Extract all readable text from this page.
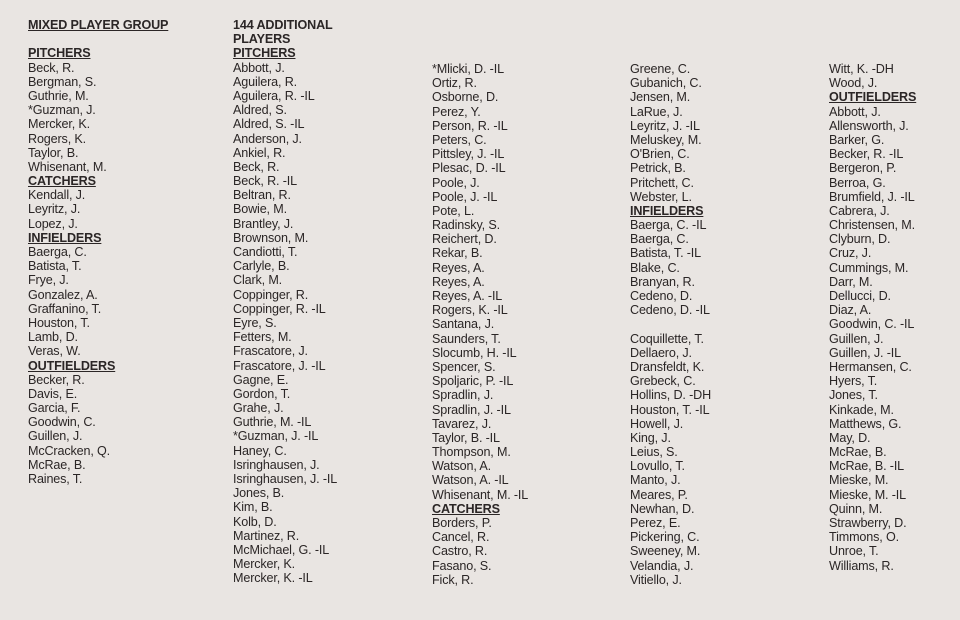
MIXED PLAYER GROUP
PITCHERS
Beck, R.
Bergman, S.
Guthrie, M.
*Guzman, J.
Mercker, K.
Rogers, K.
Taylor, B.
Whisenant, M.
CATCHERS
Kendall, J.
Leyritz, J.
Lopez, J.
INFIELDERS
Baerga, C.
Batista, T.
Frye, J.
Gonzalez, A.
Graffanino, T.
Houston, T.
Lamb, D.
Veras, W.
OUTFIELDERS
Becker, R.
Davis, E.
Garcia, F.
Goodwin, C.
Guillen, J.
McCracken, Q.
McRae, B.
Raines, T.
144 ADDITIONAL
PLAYERS
PITCHERS
Abbott, J.
Aguilera, R.
Aguilera, R. -IL
Aldred, S.
Aldred, S. -IL
Anderson, J.
Ankiel, R.
Beck, R.
Beck, R. -IL
Beltran, R.
Bowie, M.
Brantley, J.
Brownson, M.
Candiotti, T.
Carlyle, B.
Clark, M.
Coppinger, R.
Coppinger, R. -IL
Eyre, S.
Fetters, M.
Frascatore, J.
Frascatore, J. -IL
Gagne, E.
Gordon, T.
Grahe, J.
Guthrie, M. -IL
*Guzman, J. -IL
Haney, C.
Isringhausen, J.
Isringhausen, J. -IL
Jones, B.
Kim, B.
Kolb, D.
Martinez, R.
McMichael, G. -IL
Mercker, K.
Mercker, K. -IL
*Mlicki, D. -IL
Ortiz, R.
Osborne, D.
Perez, Y.
Person, R. -IL
Peters, C.
Pittsley, J. -IL
Plesac, D. -IL
Poole, J.
Poole, J. -IL
Pote, L.
Radinsky, S.
Reichert, D.
Rekar, B.
Reyes, A.
Reyes, A.
Reyes, A. -IL
Rogers, K. -IL
Santana, J.
Saunders, T.
Slocumb, H. -IL
Spencer, S.
Spoljaric, P. -IL
Spradlin, J.
Spradlin, J. -IL
Tavarez, J.
Taylor, B. -IL
Thompson, M.
Watson, A.
Watson, A. -IL
Whisenant, M. -IL
CATCHERS
Borders, P.
Cancel, R.
Castro, R.
Fasano, S.
Fick, R.
Greene, C.
Gubanich, C.
Jensen, M.
LaRue, J.
Leyritz, J. -IL
Meluskey, M.
O'Brien, C.
Petrick, B.
Pritchett, C.
Webster, L.
INFIELDERS
Baerga, C. -IL
Baerga, C.
Batista, T. -IL
Blake, C.
Branyan, R.
Cedeno, D.
Cedeno, D. -IL
Coquillette, T.
Dellaero, J.
Dransfeldt, K.
Grebeck, C.
Hollins, D. -DH
Houston, T. -IL
Howell, J.
King, J.
Leius, S.
Lovullo, T.
Manto, J.
Meares, P.
Newhan, D.
Perez, E.
Pickering, C.
Sweeney, M.
Velandia, J.
Vitiello, J.
Witt, K. -DH
Wood, J.
OUTFIELDERS
Abbott, J.
Allensworth, J.
Barker, G.
Becker, R. -IL
Bergeron, P.
Berroa, G.
Brumfield, J. -IL
Cabrera, J.
Christensen, M.
Clyburn, D.
Cruz, J.
Cummings, M.
Darr, M.
Dellucci, D.
Diaz, A.
Goodwin, C. -IL
Guillen, J.
Guillen, J. -IL
Hermansen, C.
Hyers, T.
Jones, T.
Kinkade, M.
Matthews, G.
May, D.
McRae, B.
McRae, B. -IL
Mieske, M.
Mieske, M. -IL
Quinn, M.
Strawberry, D.
Timmons, O.
Unroe, T.
Williams, R.
